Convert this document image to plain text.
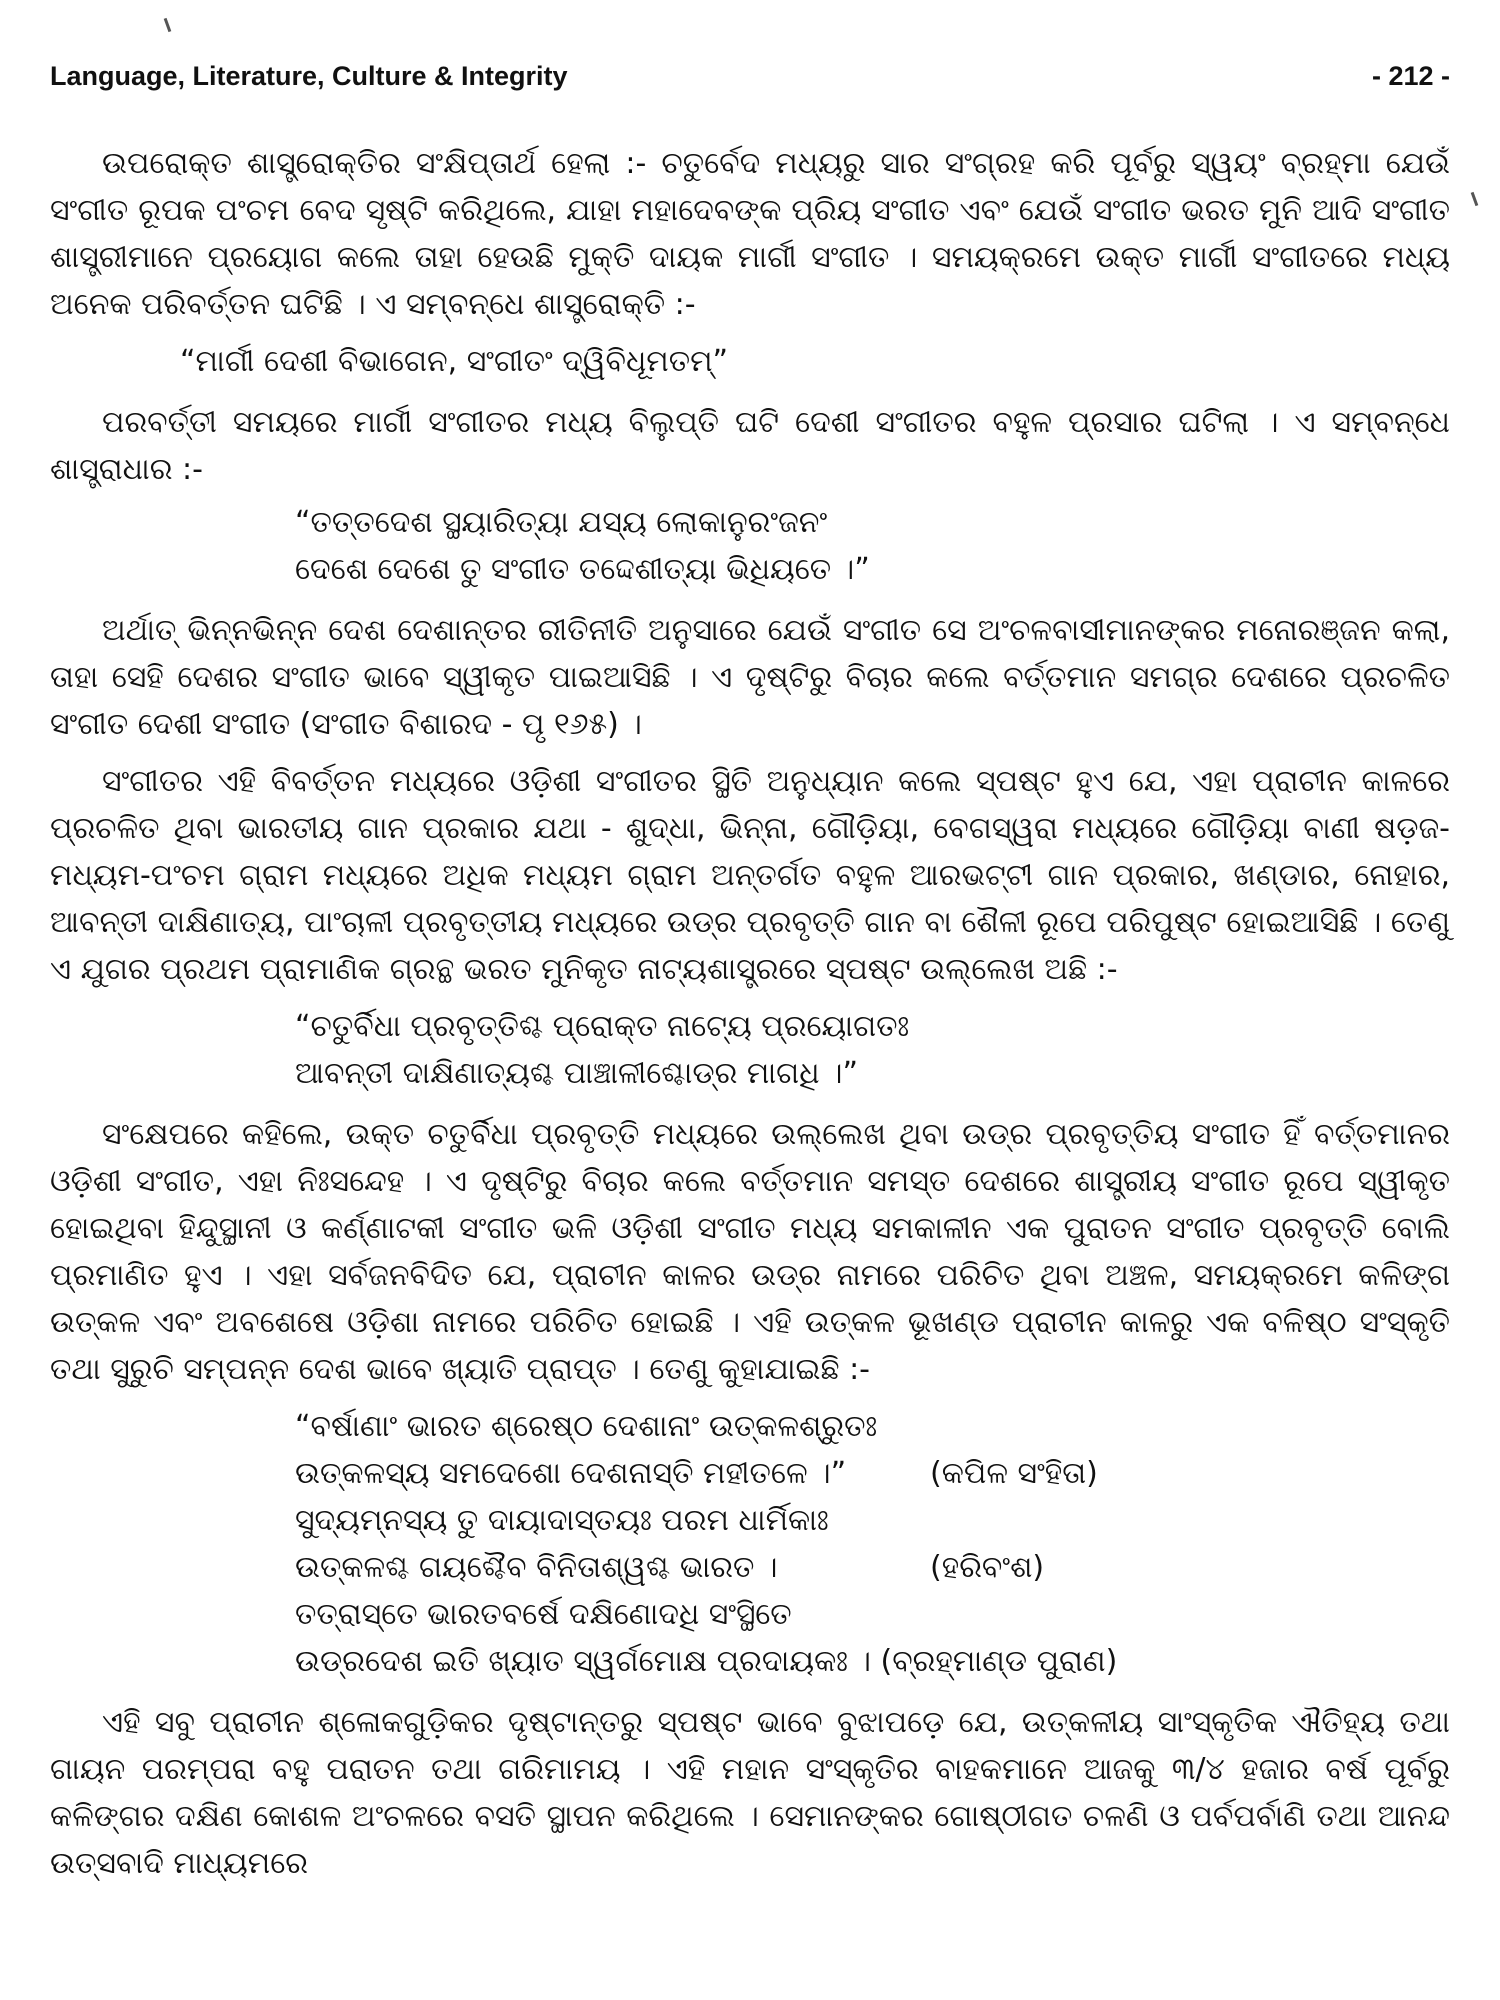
Language, Literature, Culture & Integrity	- 212 -

ଉପରୋକ୍ତ ଶାସ୍ତ୍ରୋକ୍ତିର ସଂକ୍ଷିପ୍ତାର୍ଥ ହେଲା :- ଚତୁର୍ବେଦ ମଧ୍ୟରୁ ସାର ସଂଗ୍ରହ କରି ପୂର୍ବରୁ ସ୍ୱୟଂ ବ୍ରହ୍ମା ଯେଉଁ ସଂଗୀତ ରୂପକ ପଂଚମ ବେଦ ସୃଷ୍ଟି କରିଥିଲେ, ଯାହା ମହାଦେବଙ୍କ ପ୍ରିୟ ସଂଗୀତ ଏବଂ ଯେଉଁ ସଂଗୀତ ଭରତ ମୁନି ଆଦି ସଂଗୀତ ଶାସ୍ତ୍ରୀମାନେ ପ୍ରୟୋଗ କଲେ ତାହା ହେଉଛି ମୁକ୍ତି ଦାୟକ ମାର୍ଗୀ ସଂଗୀତ । ସମୟକ୍ରମେ ଉକ୍ତ ମାର୍ଗୀ ସଂଗୀତରେ ମଧ୍ୟ ଅନେକ ପରିବର୍ତ୍ତନ ଘଟିଛି । ଏ ସମ୍ବନ୍ଧେ ଶାସ୍ତ୍ରୋକ୍ତି :-

“ମାର୍ଗୀ ଦେଶୀ ବିଭାଗେନ, ସଂଗୀତଂ ଦ୍ୱିବିଧୂମତମ୍”

ପରବର୍ତ୍ତୀ ସମୟରେ ମାର୍ଗୀ ସଂଗୀତର ମଧ୍ୟ ବିଲୁପ୍ତି ଘଟି ଦେଶୀ ସଂଗୀତର ବହୁଳ ପ୍ରସାର ଘଟିଲା । ଏ ସମ୍ବନ୍ଧେ ଶାସ୍ତ୍ରାଧାର :-

“ତତ୍ତଦେଶ ସ୍ଥୟାରିତ୍ୟା ଯସ୍ୟ ଲୋକାନୁରଂଜନଂ
ଦେଶେ ଦେଶେ ତୁ ସଂଗୀତ ତଦ୍ଦେଶୀତ୍ୟା ଭିଧିୟତେ ।”

ଅର୍ଥାତ୍ ଭିନ୍ନଭିନ୍ନ ଦେଶ ଦେଶାନ୍ତର ରୀତିନୀତି ଅନୁସାରେ ଯେଉଁ ସଂଗୀତ ସେ ଅଂଚଳବାସୀମାନଙ୍କର ମନୋରଞ୍ଜନ କଲା, ତାହା ସେହି ଦେଶର ସଂଗୀତ ଭାବେ ସ୍ୱୀକୃତ ପାଇଆସିଛି । ଏ ଦୃଷ୍ଟିରୁ ବିଚାର କଲେ ବର୍ତ୍ତମାନ ସମଗ୍ର ଦେଶରେ ପ୍ରଚଳିତ ସଂଗୀତ ଦେଶୀ ସଂଗୀତ (ସଂଗୀତ ବିଶାରଦ - ପୃ ୧୬୫) ।

ସଂଗୀତର ଏହି ବିବର୍ତ୍ତନ ମଧ୍ୟରେ ଓଡ଼ିଶୀ ସଂଗୀତର ସ୍ଥିତି ଅନୁଧ୍ୟାନ କଲେ ସ୍ପଷ୍ଟ ହୁଏ ଯେ, ଏହା ପ୍ରାଚୀନ କାଳରେ ପ୍ରଚଳିତ ଥିବା ଭାରତୀୟ ଗାନ ପ୍ରକାର ଯଥା - ଶୁଦ୍ଧା, ଭିନ୍ନା, ଗୌଡ଼ିୟା, ବେଗସ୍ୱରା ମଧ୍ୟରେ ଗୌଡ଼ିୟା ବାଣୀ ଷଡ଼ଜ-ମଧ୍ୟମ-ପଂଚମ ଗ୍ରାମ ମଧ୍ୟରେ ଅଧିକ ମଧ୍ୟମ ଗ୍ରାମ ଅନ୍ତର୍ଗତ ବହୁଳ ଆରଭଟ୍ଟୀ ଗାନ ପ୍ରକାର, ଖଣ୍ଡାର, ନୋହାର, ଆବନ୍ତୀ ଦାକ୍ଷିଣାତ୍ୟ, ପାଂଚାଳୀ ପ୍ରବୃତ୍ତୀୟ ମଧ୍ୟରେ ଉଡ୍ର ପ୍ରବୃତ୍ତି ଗାନ ବା ଶୈଳୀ ରୂପେ ପରିପୁଷ୍ଟ ହୋଇଆସିଛି । ତେଣୁ ଏ ଯୁଗର ପ୍ରଥମ ପ୍ରାମାଣିକ ଗ୍ରନ୍ଥ ଭରତ ମୁନିକୃତ ନାଟ୍ୟଶାସ୍ତ୍ରରେ ସ୍ପଷ୍ଟ ଉଲ୍ଲେଖ ଅଛି :-

“ଚତୁର୍ବିଧା ପ୍ରବୃତ୍ତିଶ୍ଚ ପ୍ରୋକ୍ତ ନାଟ୍ୟେ ପ୍ରୟୋଗତଃ
ଆବନ୍ତୀ ଦାକ୍ଷିଣାତ୍ୟଶ୍ଚ ପାଞ୍ଚାଳୀଶ୍ଚୋଡ୍ର ମାଗଧି ।”

ସଂକ୍ଷେପରେ କହିଲେ, ଉକ୍ତ ଚତୁର୍ବିଧା ପ୍ରବୃତ୍ତି ମଧ୍ୟରେ ଉଲ୍ଲେଖ ଥିବା ଉଡ୍ର ପ୍ରବୃତ୍ତିୟ ସଂଗୀତ ହିଁ ବର୍ତ୍ତମାନର ଓଡ଼ିଶୀ ସଂଗୀତ, ଏହା ନିଃସନ୍ଦେହ । ଏ ଦୃଷ୍ଟିରୁ ବିଚାର କଲେ ବର୍ତ୍ତମାନ ସମସ୍ତ ଦେଶରେ ଶାସ୍ତ୍ରୀୟ ସଂଗୀତ ରୂପେ ସ୍ୱୀକୃତ ହୋଇଥିବା ହିନ୍ଦୁସ୍ଥାନୀ ଓ କର୍ଣ୍ଣାଟକୀ ସଂଗୀତ ଭଳି ଓଡ଼ିଶୀ ସଂଗୀତ ମଧ୍ୟ ସମକାଳୀନ ଏକ ପୁରାତନ ସଂଗୀତ ପ୍ରବୃତ୍ତି ବୋଲି ପ୍ରମାଣିତ ହୁଏ । ଏହା ସର୍ବଜନବିଦିତ ଯେ, ପ୍ରାଚୀନ କାଳର ଉଡ୍ର ନାମରେ ପରିଚିତ ଥିବା ଅଞ୍ଚଳ, ସମୟକ୍ରମେ କଳିଙ୍ଗ ଉତ୍କଳ ଏବଂ ଅବଶେଷେ ଓଡ଼ିଶା ନାମରେ ପରିଚିତ ହୋଇଛି । ଏହି ଉତ୍କଳ ଭୂଖଣ୍ଡ ପ୍ରାଚୀନ କାଳରୁ ଏକ ବଳିଷ୍ଠ ସଂସ୍କୃତି ତଥା ସୁରୁଚି ସମ୍ପନ୍ନ ଦେଶ ଭାବେ ଖ୍ୟାତି ପ୍ରାପ୍ତ । ତେଣୁ କୁହାଯାଇଛି :-

“ବର୍ଷାଣାଂ ଭାରତ ଶ୍ରେଷ୍ଠ ଦେଶାନାଂ ଉତ୍କଳଶ୍ରୁତଃ
ଉତ୍କଳସ୍ୟ ସମଦେଶୋ ଦେଶନାସ୍ତି ମହୀତଳେ ।”	(କପିଳ ସଂହିତା)
ସୁଦ୍ୟମ୍ନସ୍ୟ ତୁ ଦାୟାଦାସ୍ତୟଃ ପରମ ଧାର୍ମିକାଃ
ଉତ୍କଳଶ୍ଚ ଗୟଶ୍ଚୈବ ବିନିତାଶ୍ୱଶ୍ଚ ଭାରତ ।	(ହରିବଂଶ)
ତତ୍ରାସ୍ତେ ଭାରତବର୍ଷେ ଦକ୍ଷିଣୋଦଧି ସଂସ୍ଥିତେ
ଉଡ୍ରଦେଶ ଇତି ଖ୍ୟାତ ସ୍ୱର୍ଗମୋକ୍ଷ ପ୍ରଦାୟକଃ । (ବ୍ରହ୍ମାଣ୍ଡ ପୁରାଣ)

ଏହି ସବୁ ପ୍ରାଚୀନ ଶ୍ଳୋକଗୁଡ଼ିକର ଦୃଷ୍ଟାନ୍ତରୁ ସ୍ପଷ୍ଟ ଭାବେ ବୁଝାପଡ଼େ ଯେ, ଉତ୍କଳୀୟ ସାଂସ୍କୃତିକ ଐତିହ୍ୟ ତଥା ଗାୟନ ପରମ୍ପରା ବହୁ ପରାତନ ତଥା ଗରିମାମୟ । ଏହି ମହାନ ସଂସ୍କୃତିର ବାହକମାନେ ଆଜକୁ ୩/୪ ହଜାର ବର୍ଷ ପୂର୍ବରୁ କଳିଙ୍ଗର ଦକ୍ଷିଣ କୋଶଳ ଅଂଚଳରେ ବସତି ସ୍ଥାପନ କରିଥିଲେ । ସେମାନଙ୍କର ଗୋଷ୍ଠୀଗତ ଚଳଣି ଓ ପର୍ବପର୍ବାଣି ତଥା ଆନନ୍ଦ ଉତ୍ସବାଦି ମାଧ୍ୟମରେ
